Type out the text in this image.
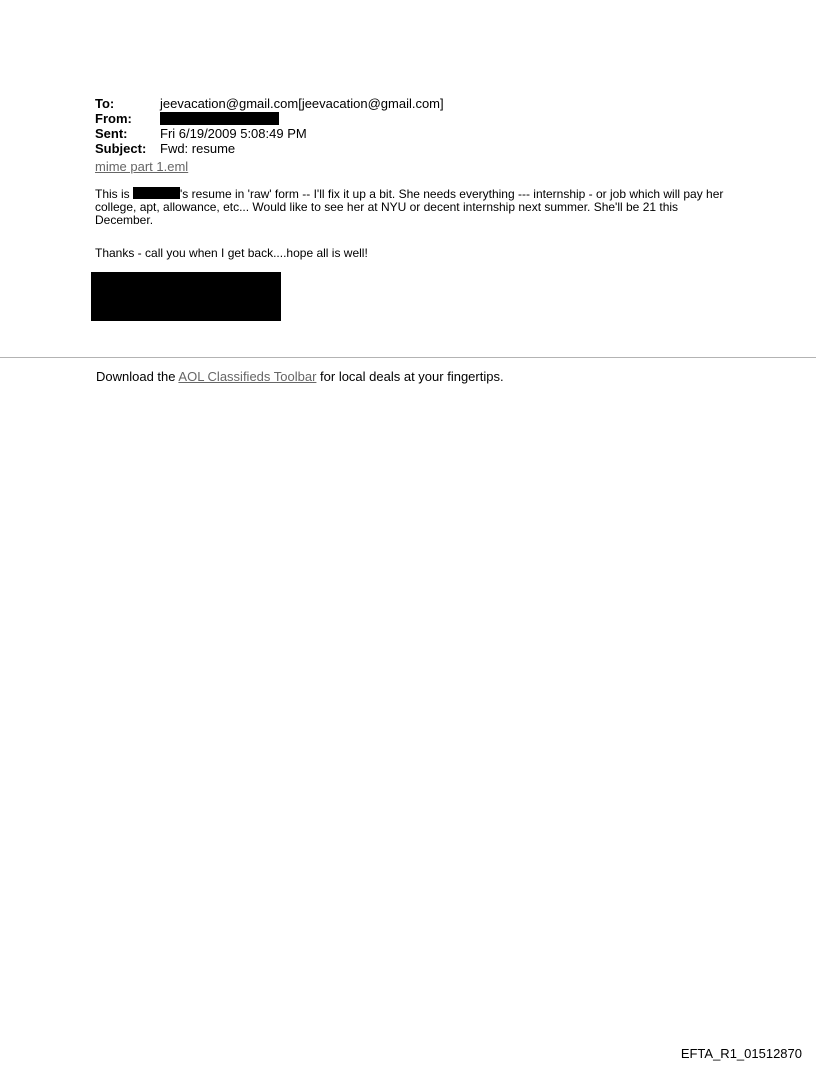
To:	jeevacation@gmail.com[jeevacation@gmail.com]
From:
Sent:	Fri 6/19/2009 5:08:49 PM
Subject:	Fwd: resume
mime part 1.eml
This is	's resume in 'raw' form -- I'll fix it up a bit. She needs everything --- internship - or job which will pay her college, apt, allowance, etc... Would like to see her at NYU or decent internship next summer. She'll be 21 this December.
Thanks - call you when I get back....hope all is well!
Download the AOL Classifieds Toolbar for local deals at your fingertips.
EFTA_R1_01512870
